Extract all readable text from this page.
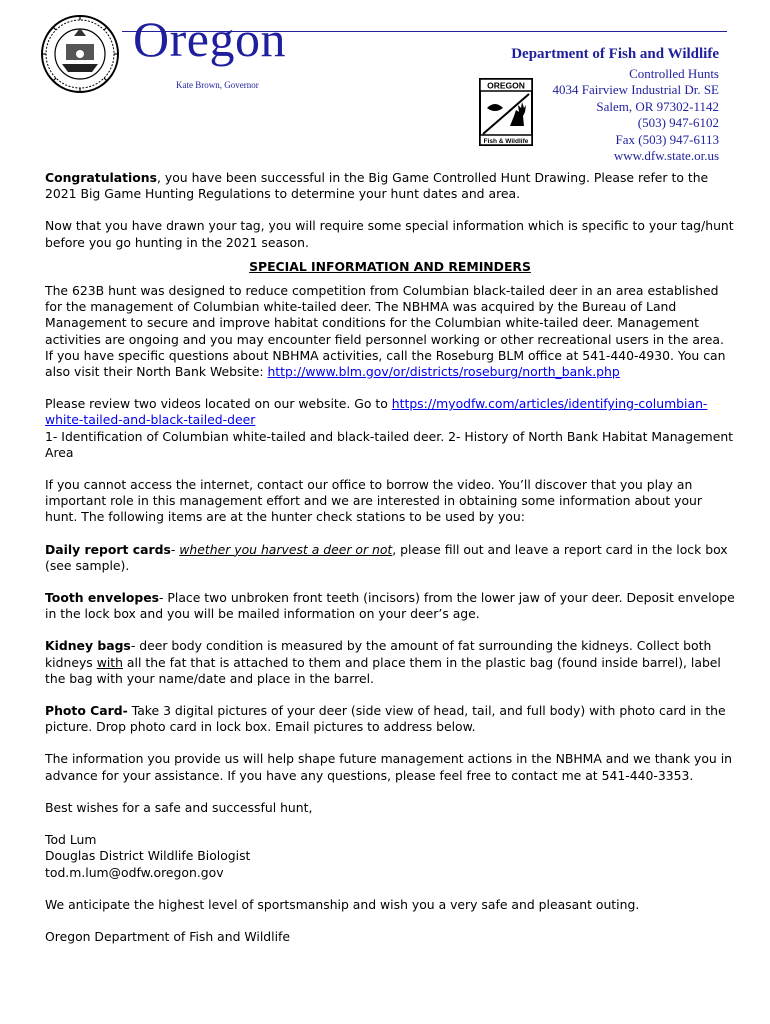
Oregon
Kate Brown, Governor
Department of Fish and Wildlife
OREGON
Fish & Wildlife
Controlled Hunts
4034 Fairview Industrial Dr. SE
Salem, OR 97302-1142
(503) 947-6102
Fax (503) 947-6113
www.dfw.state.or.us

Congratulations, you have been successful in the Big Game Controlled Hunt Drawing. Please refer to the 2021 Big Game Hunting Regulations to determine your hunt dates and area.

Now that you have drawn your tag, you will require some special information which is specific to your tag/hunt before you go hunting in the 2021 season.

SPECIAL INFORMATION AND REMINDERS

The 623B hunt was designed to reduce competition from Columbian black-tailed deer in an area established for the management of Columbian white-tailed deer. The NBHMA was acquired by the Bureau of Land Management to secure and improve habitat conditions for the Columbian white-tailed deer. Management activities are ongoing and you may encounter field personnel working or other recreational users in the area. If you have specific questions about NBHMA activities, call the Roseburg BLM office at 541-440-4930. You can also visit their North Bank Website: http://www.blm.gov/or/districts/roseburg/north_bank.php

Please review two videos located on our website. Go to https://myodfw.com/articles/identifying-columbian-white-tailed-and-black-tailed-deer
1- Identification of Columbian white-tailed and black-tailed deer. 2- History of North Bank Habitat Management Area

If you cannot access the internet, contact our office to borrow the video. You’ll discover that you play an important role in this management effort and we are interested in obtaining some information about your hunt. The following items are at the hunter check stations to be used by you:

Daily report cards- whether you harvest a deer or not, please fill out and leave a report card in the lock box (see sample).

Tooth envelopes- Place two unbroken front teeth (incisors) from the lower jaw of your deer. Deposit envelope in the lock box and you will be mailed information on your deer’s age.

Kidney bags- deer body condition is measured by the amount of fat surrounding the kidneys. Collect both kidneys with all the fat that is attached to them and place them in the plastic bag (found inside barrel), label the bag with your name/date and place in the barrel.

Photo Card- Take 3 digital pictures of your deer (side view of head, tail, and full body) with photo card in the picture. Drop photo card in lock box. Email pictures to address below.

The information you provide us will help shape future management actions in the NBHMA and we thank you in advance for your assistance. If you have any questions, please feel free to contact me at 541-440-3353.

Best wishes for a safe and successful hunt,

Tod Lum
Douglas District Wildlife Biologist
tod.m.lum@odfw.oregon.gov

We anticipate the highest level of sportsmanship and wish you a very safe and pleasant outing.

Oregon Department of Fish and Wildlife
